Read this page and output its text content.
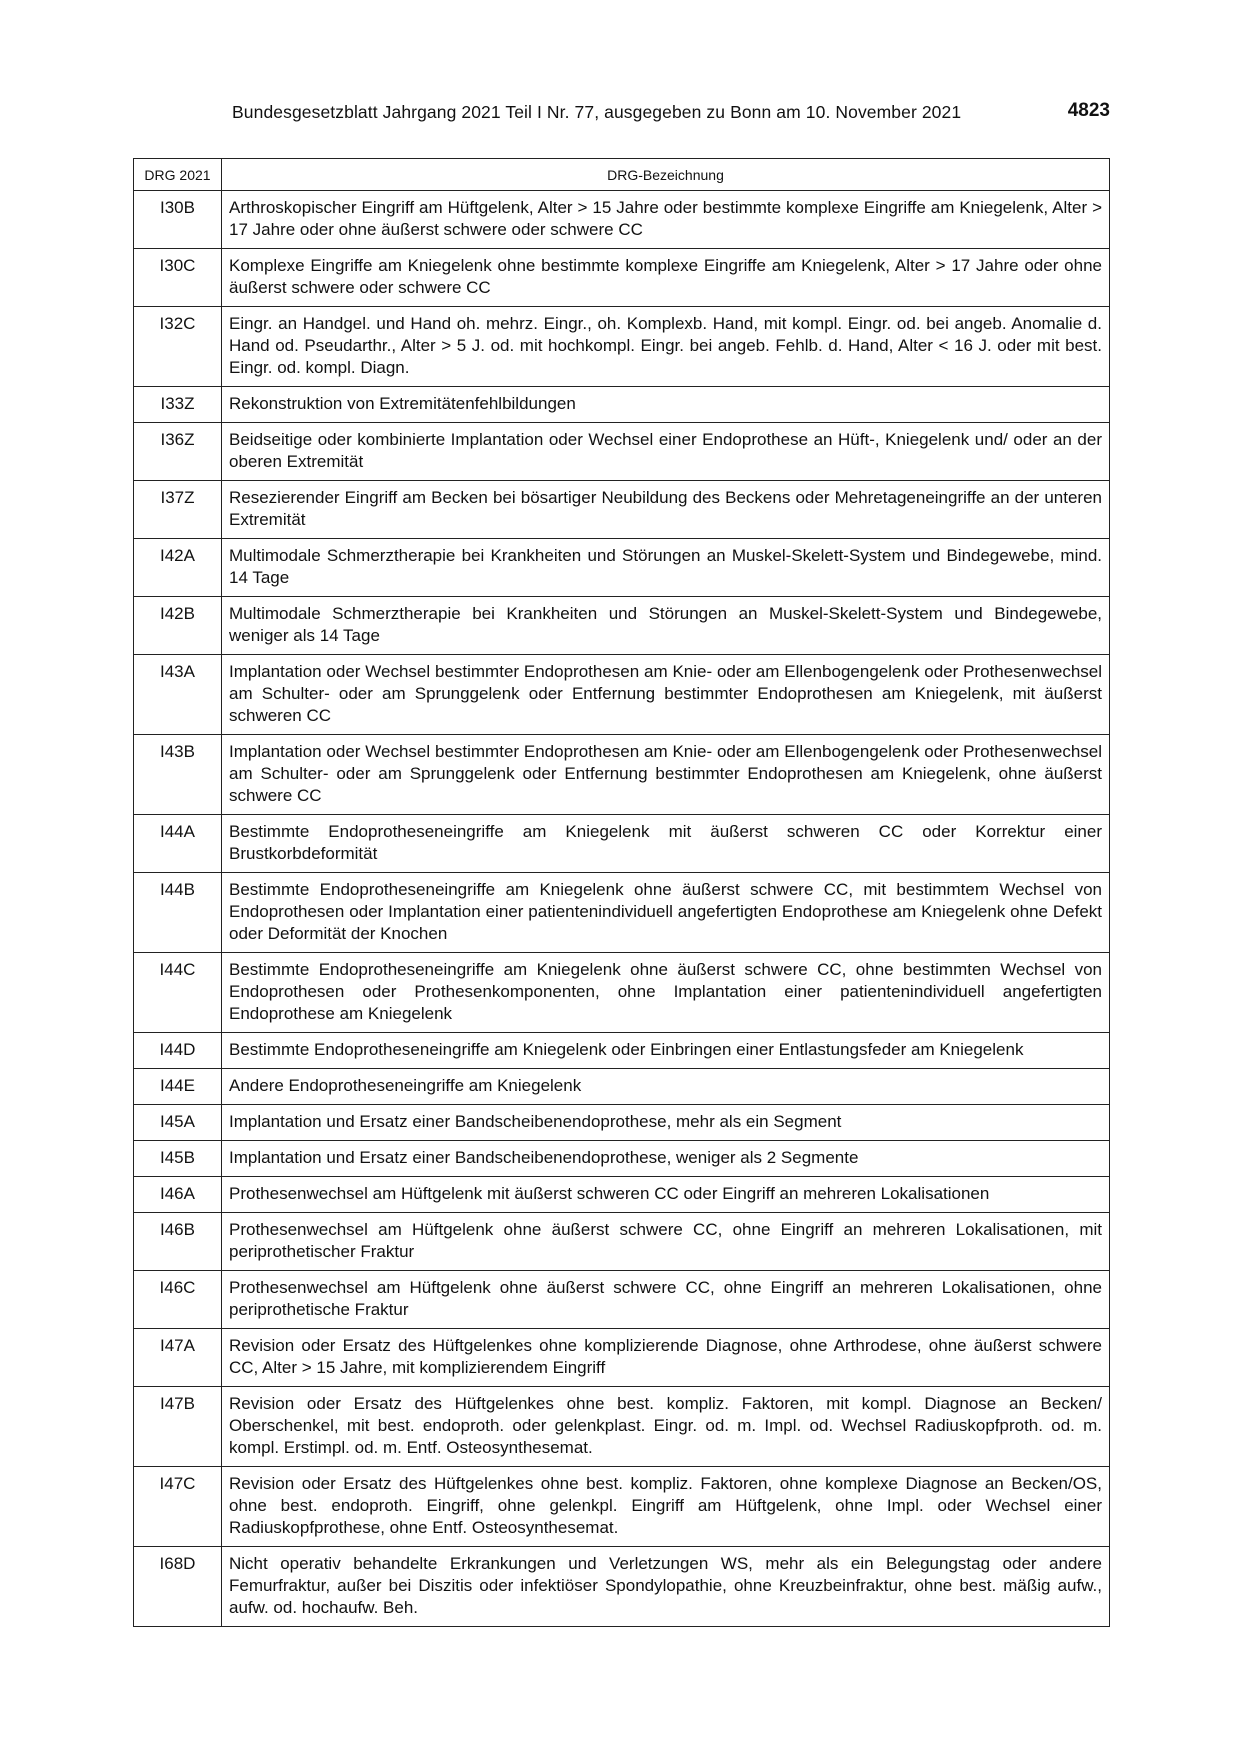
Bundesgesetzblatt Jahrgang 2021 Teil I Nr. 77, ausgegeben zu Bonn am 10. November 2021	4823
DRG 2021	DRG-Bezeichnung
I30B	Arthroskopischer Eingriff am Hüftgelenk, Alter > 15 Jahre oder bestimmte komplexe Eingriffe am Kniegelenk, Alter > 17 Jahre oder ohne äußerst schwere oder schwere CC
I30C	Komplexe Eingriffe am Kniegelenk ohne bestimmte komplexe Eingriffe am Kniegelenk, Alter > 17 Jahre oder ohne äußerst schwere oder schwere CC
I32C	Eingr. an Handgel. und Hand oh. mehrz. Eingr., oh. Komplexb. Hand, mit kompl. Eingr. od. bei angeb. Anomalie d. Hand od. Pseudarthr., Alter > 5 J. od. mit hochkompl. Eingr. bei angeb. Fehlb. d. Hand, Alter < 16 J. oder mit best. Eingr. od. kompl. Diagn.
I33Z	Rekonstruktion von Extremitätenfehlbildungen
I36Z	Beidseitige oder kombinierte Implantation oder Wechsel einer Endoprothese an Hüft-, Kniegelenk und/ oder an der oberen Extremität
I37Z	Resezierender Eingriff am Becken bei bösartiger Neubildung des Beckens oder Mehretageneingriffe an der unteren Extremität
I42A	Multimodale Schmerztherapie bei Krankheiten und Störungen an Muskel-Skelett-System und Bindegewebe, mind. 14 Tage
I42B	Multimodale Schmerztherapie bei Krankheiten und Störungen an Muskel-Skelett-System und Bindegewebe, weniger als 14 Tage
I43A	Implantation oder Wechsel bestimmter Endoprothesen am Knie- oder am Ellenbogengelenk oder Prothesenwechsel am Schulter- oder am Sprunggelenk oder Entfernung bestimmter Endoprothesen am Kniegelenk, mit äußerst schweren CC
I43B	Implantation oder Wechsel bestimmter Endoprothesen am Knie- oder am Ellenbogengelenk oder Prothesenwechsel am Schulter- oder am Sprunggelenk oder Entfernung bestimmter Endoprothesen am Kniegelenk, ohne äußerst schwere CC
I44A	Bestimmte Endoprotheseneingriffe am Kniegelenk mit äußerst schweren CC oder Korrektur einer Brustkorbdeformität
I44B	Bestimmte Endoprotheseneingriffe am Kniegelenk ohne äußerst schwere CC, mit bestimmtem Wechsel von Endoprothesen oder Implantation einer patientenindividuell angefertigten Endoprothese am Kniegelenk ohne Defekt oder Deformität der Knochen
I44C	Bestimmte Endoprotheseneingriffe am Kniegelenk ohne äußerst schwere CC, ohne bestimmten Wechsel von Endoprothesen oder Prothesenkomponenten, ohne Implantation einer patientenindividuell angefertigten Endoprothese am Kniegelenk
I44D	Bestimmte Endoprotheseneingriffe am Kniegelenk oder Einbringen einer Entlastungsfeder am Kniegelenk
I44E	Andere Endoprotheseneingriffe am Kniegelenk
I45A	Implantation und Ersatz einer Bandscheibenendoprothese, mehr als ein Segment
I45B	Implantation und Ersatz einer Bandscheibenendoprothese, weniger als 2 Segmente
I46A	Prothesenwechsel am Hüftgelenk mit äußerst schweren CC oder Eingriff an mehreren Lokalisationen
I46B	Prothesenwechsel am Hüftgelenk ohne äußerst schwere CC, ohne Eingriff an mehreren Lokalisationen, mit periprothetischer Fraktur
I46C	Prothesenwechsel am Hüftgelenk ohne äußerst schwere CC, ohne Eingriff an mehreren Lokalisationen, ohne periprothetische Fraktur
I47A	Revision oder Ersatz des Hüftgelenkes ohne komplizierende Diagnose, ohne Arthrodese, ohne äußerst schwere CC, Alter > 15 Jahre, mit komplizierendem Eingriff
I47B	Revision oder Ersatz des Hüftgelenkes ohne best. kompliz. Faktoren, mit kompl. Diagnose an Becken/ Oberschenkel, mit best. endoproth. oder gelenkplast. Eingr. od. m. Impl. od. Wechsel Radiuskopfproth. od. m. kompl. Erstimpl. od. m. Entf. Osteosynthesemat.
I47C	Revision oder Ersatz des Hüftgelenkes ohne best. kompliz. Faktoren, ohne komplexe Diagnose an Becken/OS, ohne best. endoproth. Eingriff, ohne gelenkpl. Eingriff am Hüftgelenk, ohne Impl. oder Wechsel einer Radiuskopfprothese, ohne Entf. Osteosynthesemat.
I68D	Nicht operativ behandelte Erkrankungen und Verletzungen WS, mehr als ein Belegungstag oder andere Femurfraktur, außer bei Diszitis oder infektiöser Spondylopathie, ohne Kreuzbeinfraktur, ohne best. mäßig aufw., aufw. od. hochaufw. Beh.
